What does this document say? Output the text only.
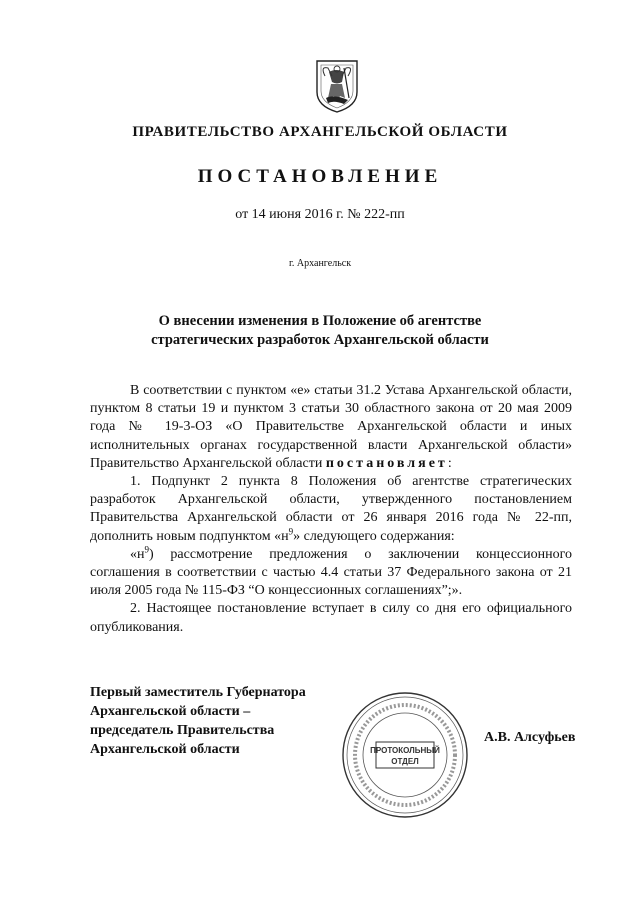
ПРАВИТЕЛЬСТВО АРХАНГЕЛЬСКОЙ ОБЛАСТИ
ПОСТАНОВЛЕНИЕ
от 14 июня 2016 г. № 222-пп
г. Архангельск
О внесении изменения в Положение об агентстве
стратегических разработок Архангельской области

В соответствии с пунктом «е» статьи 31.2 Устава Архангельской области, пунктом 8 статьи 19 и пунктом 3 статьи 30 областного закона от 20 мая 2009 года № 19-3-ОЗ «О Правительстве Архангельской области и иных исполнительных органах государственной власти Архангельской области» Правительство Архангельской области постановляет:

1. Подпункт 2 пункта 8 Положения об агентстве стратегических разработок Архангельской области, утвержденного постановлением Правительства Архангельской области от 26 января 2016 года № 22-пп, дополнить новым подпунктом «$н^9$» следующего содержания:

«$н^9$) рассмотрение предложения о заключении концессионного соглашения в соответствии с частью 4.4 статьи 37 Федерального закона от 21 июля 2005 года № 115-ФЗ “О концессионных соглашениях”;».

2. Настоящее постановление вступает в силу со дня его официального опубликования.

Первый заместитель Губернатора
Архангельской области –
председатель Правительства
Архангельской области	ПРОТОКОЛЬНЫЙ
ОТДЕЛ
А.В. Алсуфьев
